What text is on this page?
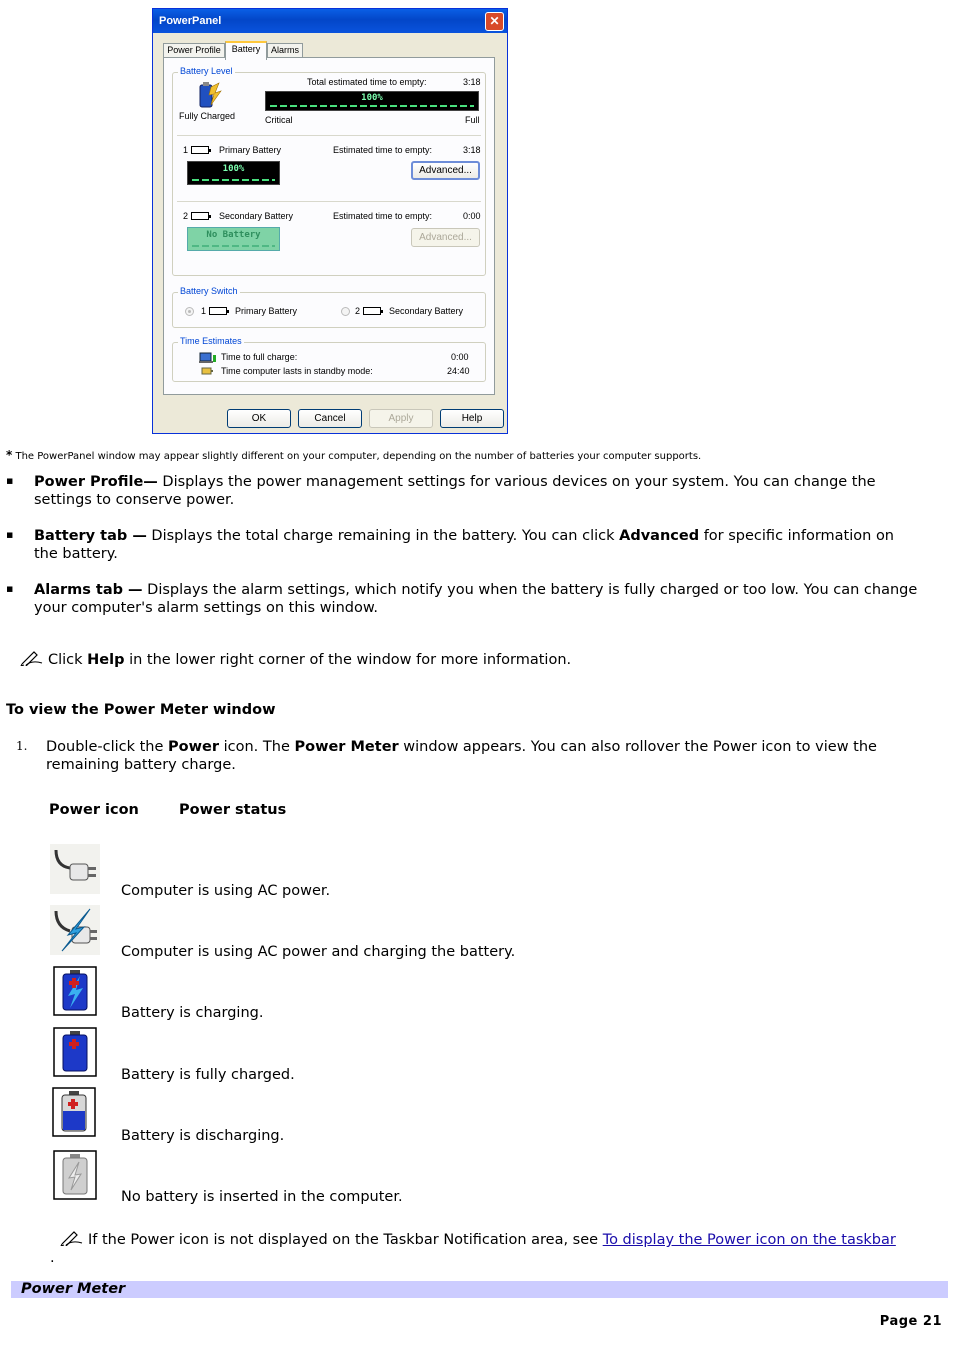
PowerPanel	✕
Power Profile	Battery	Alarms
Battery Level
Fully Charged
Total estimated time to empty:	3:18
100%
Critical	Full
1	Primary Battery	Estimated time to empty:	3:18
100%	Advanced...
2	Secondary Battery	Estimated time to empty:	0:00
No Battery	Advanced...
Battery Switch
1	Primary Battery	2	Secondary Battery
Time Estimates
Time to full charge:	0:00
Time computer lasts in standby mode:	24:40
OK	Cancel	Apply	Help
* The PowerPanel window may appear slightly different on your computer, depending on the number of batteries your computer supports.
▪ Power Profile— Displays the power management settings for various devices on your system. You can change the settings to conserve power.
▪ Battery tab — Displays the total charge remaining in the battery. You can click Advanced for specific information on the battery.
▪ Alarms tab — Displays the alarm settings, which notify you when the battery is fully charged or too low. You can change your computer's alarm settings on this window.
Click Help in the lower right corner of the window for more information.
To view the Power Meter window
1. Double-click the Power icon. The Power Meter window appears. You can also rollover the Power icon to view the remaining battery charge.
Power icon	Power status
Computer is using AC power.
Computer is using AC power and charging the battery.
Battery is charging.
Battery is fully charged.
Battery is discharging.
No battery is inserted in the computer.
If the Power icon is not displayed on the Taskbar Notification area, see To display the Power icon on the taskbar
.
Power Meter
Page 21
